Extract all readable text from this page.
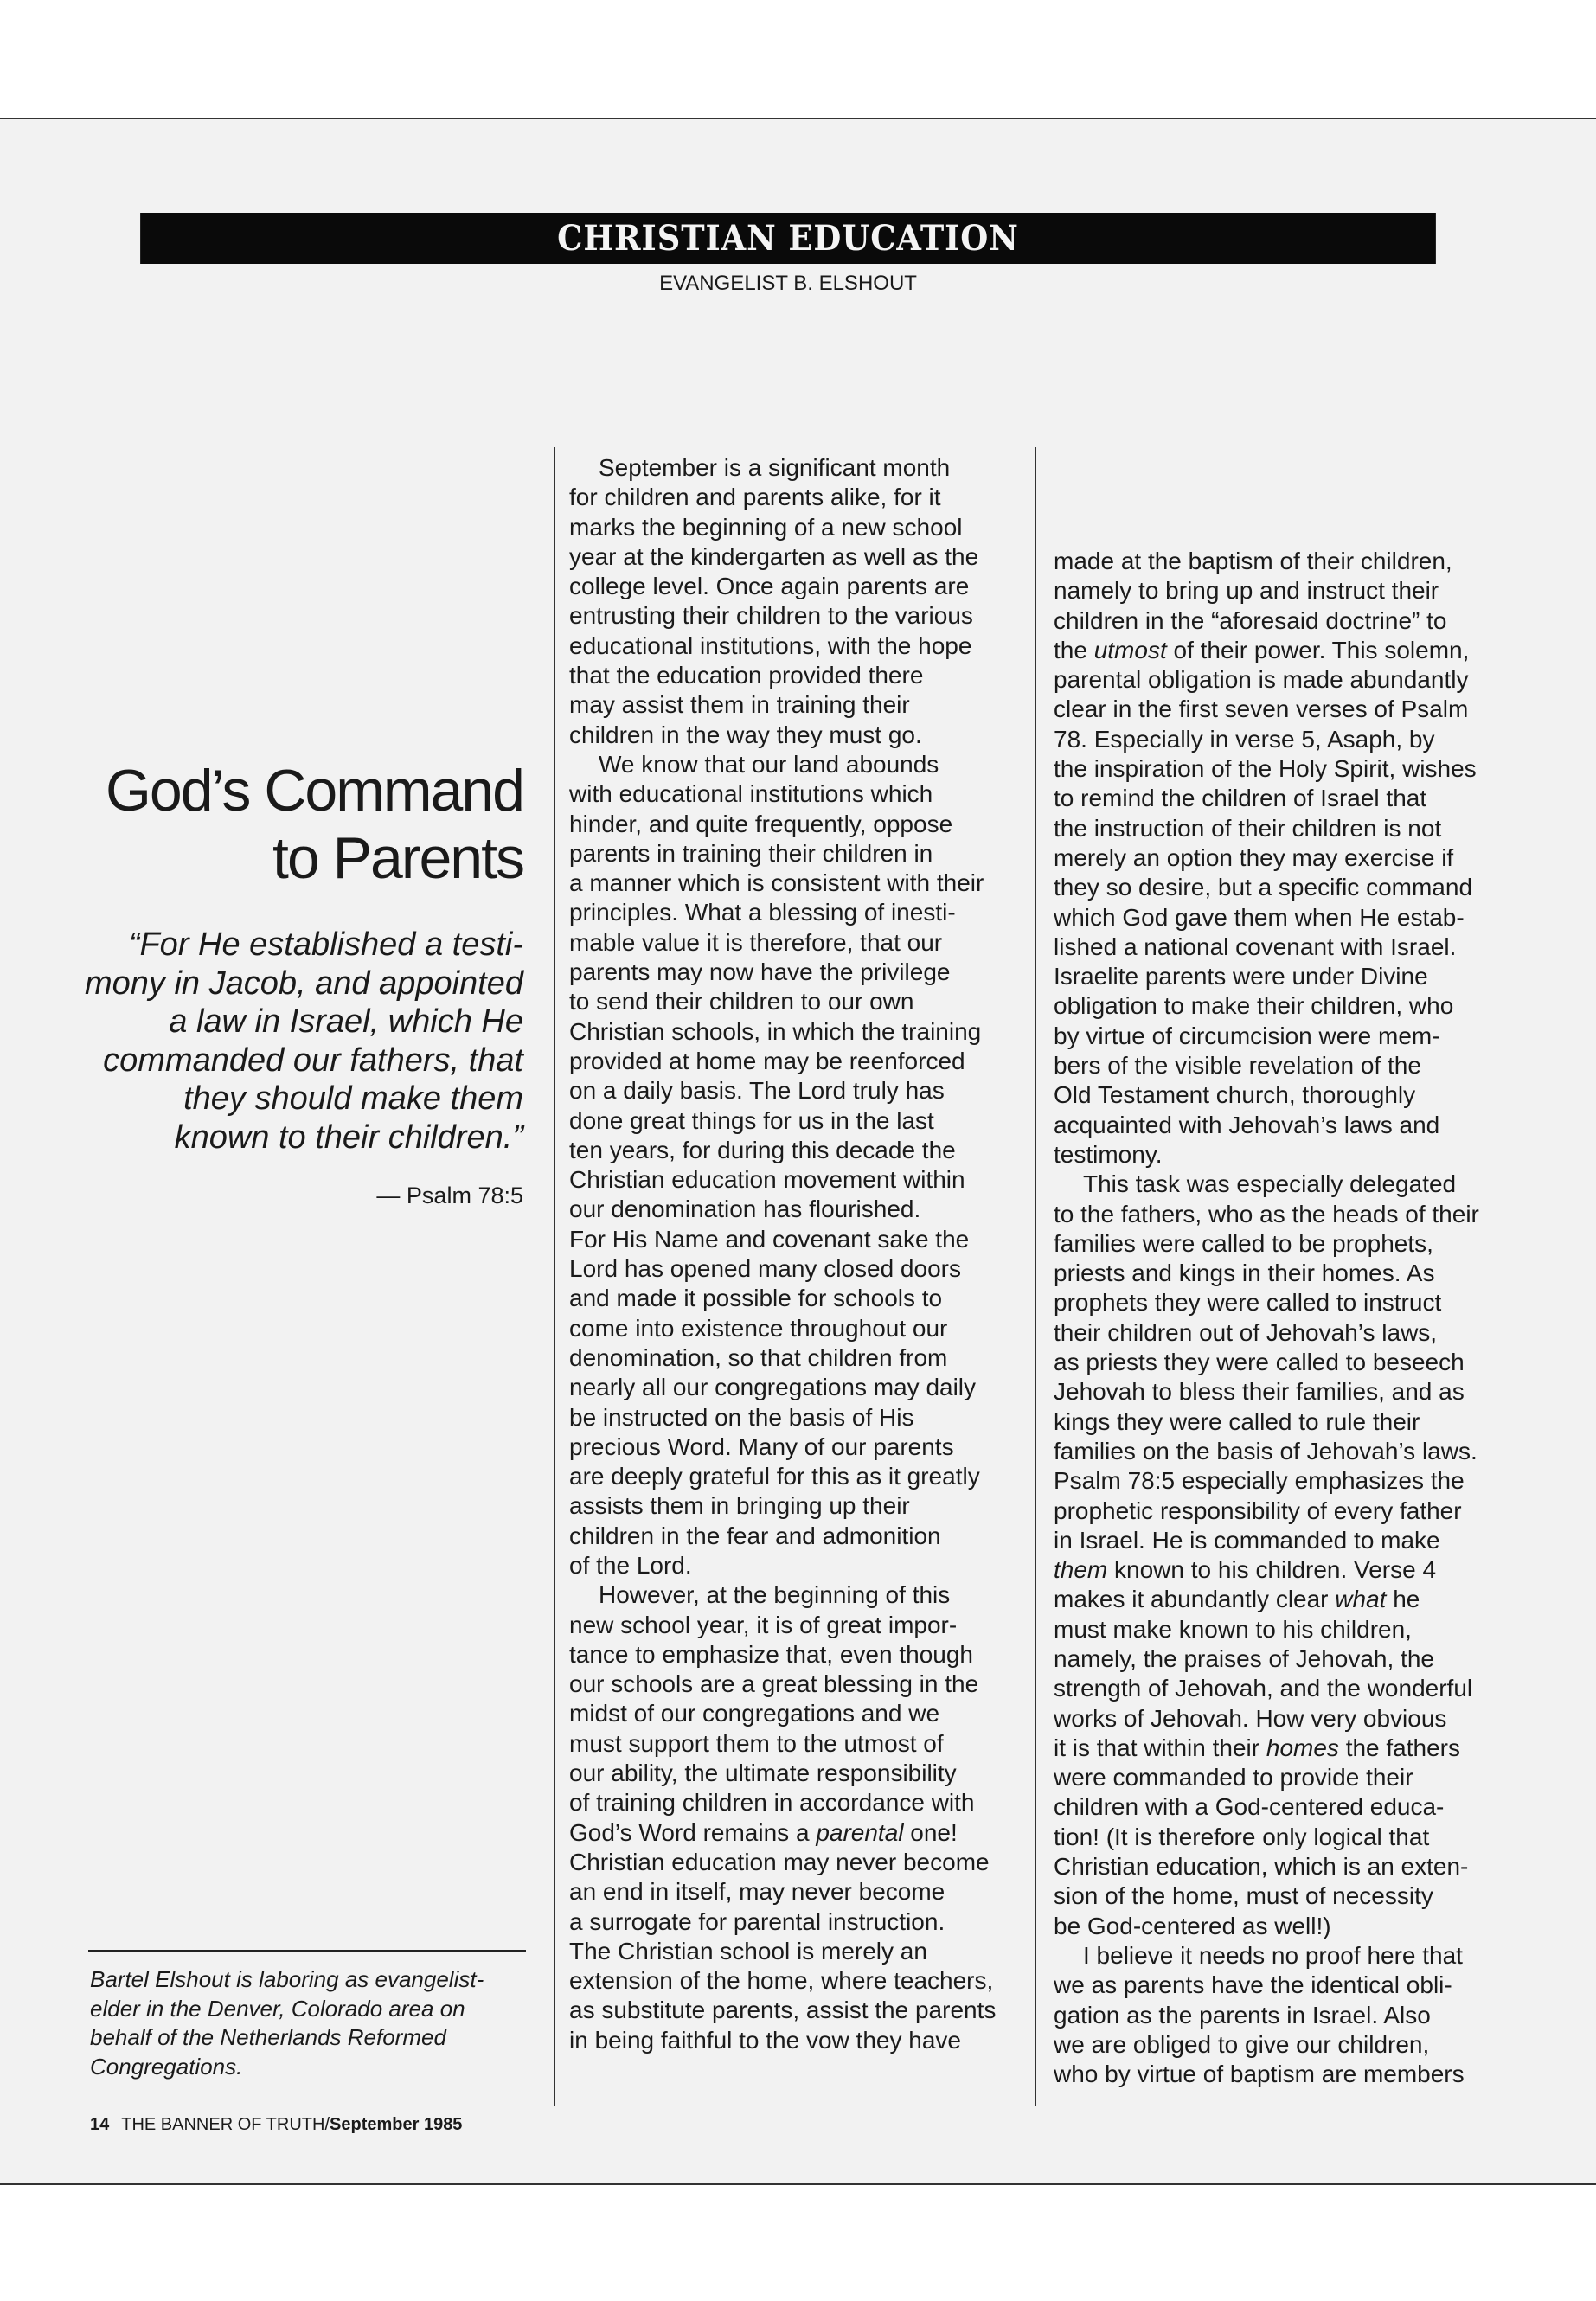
CHRISTIAN EDUCATION
EVANGELIST B. ELSHOUT
God’s Command
to Parents
“For He established a testi-
mony in Jacob, and appointed
a law in Israel, which He
commanded our fathers, that
they should make them
known to their children.”
— Psalm 78:5
Bartel Elshout is laboring as evangelist-
elder in the Denver, Colorado area on
behalf of the Netherlands Reformed
Congregations.
14 THE BANNER OF TRUTH/September 1985
September is a significant month
for children and parents alike, for it
marks the beginning of a new school
year at the kindergarten as well as the
college level. Once again parents are
entrusting their children to the various
educational institutions, with the hope
that the education provided there
may assist them in training their
children in the way they must go.
We know that our land abounds
with educational institutions which
hinder, and quite frequently, oppose
parents in training their children in
a manner which is consistent with their
principles. What a blessing of inesti-
mable value it is therefore, that our
parents may now have the privilege
to send their children to our own
Christian schools, in which the training
provided at home may be reenforced
on a daily basis. The Lord truly has
done great things for us in the last
ten years, for during this decade the
Christian education movement within
our denomination has flourished.
For His Name and covenant sake the
Lord has opened many closed doors
and made it possible for schools to
come into existence throughout our
denomination, so that children from
nearly all our congregations may daily
be instructed on the basis of His
precious Word. Many of our parents
are deeply grateful for this as it greatly
assists them in bringing up their
children in the fear and admonition
of the Lord.
However, at the beginning of this
new school year, it is of great impor-
tance to emphasize that, even though
our schools are a great blessing in the
midst of our congregations and we
must support them to the utmost of
our ability, the ultimate responsibility
of training children in accordance with
God’s Word remains a parental one!
Christian education may never become
an end in itself, may never become
a surrogate for parental instruction.
The Christian school is merely an
extension of the home, where teachers,
as substitute parents, assist the parents
in being faithful to the vow they have
made at the baptism of their children,
namely to bring up and instruct their
children in the “aforesaid doctrine” to
the utmost of their power. This solemn,
parental obligation is made abundantly
clear in the first seven verses of Psalm
78. Especially in verse 5, Asaph, by
the inspiration of the Holy Spirit, wishes
to remind the children of Israel that
the instruction of their children is not
merely an option they may exercise if
they so desire, but a specific command
which God gave them when He estab-
lished a national covenant with Israel.
Israelite parents were under Divine
obligation to make their children, who
by virtue of circumcision were mem-
bers of the visible revelation of the
Old Testament church, thoroughly
acquainted with Jehovah’s laws and
testimony.
This task was especially delegated
to the fathers, who as the heads of their
families were called to be prophets,
priests and kings in their homes. As
prophets they were called to instruct
their children out of Jehovah’s laws,
as priests they were called to beseech
Jehovah to bless their families, and as
kings they were called to rule their
families on the basis of Jehovah’s laws.
Psalm 78:5 especially emphasizes the
prophetic responsibility of every father
in Israel. He is commanded to make
them known to his children. Verse 4
makes it abundantly clear what he
must make known to his children,
namely, the praises of Jehovah, the
strength of Jehovah, and the wonderful
works of Jehovah. How very obvious
it is that within their homes the fathers
were commanded to provide their
children with a God-centered educa-
tion! (It is therefore only logical that
Christian education, which is an exten-
sion of the home, must of necessity
be God-centered as well!)
I believe it needs no proof here that
we as parents have the identical obli-
gation as the parents in Israel. Also
we are obliged to give our children,
who by virtue of baptism are members
